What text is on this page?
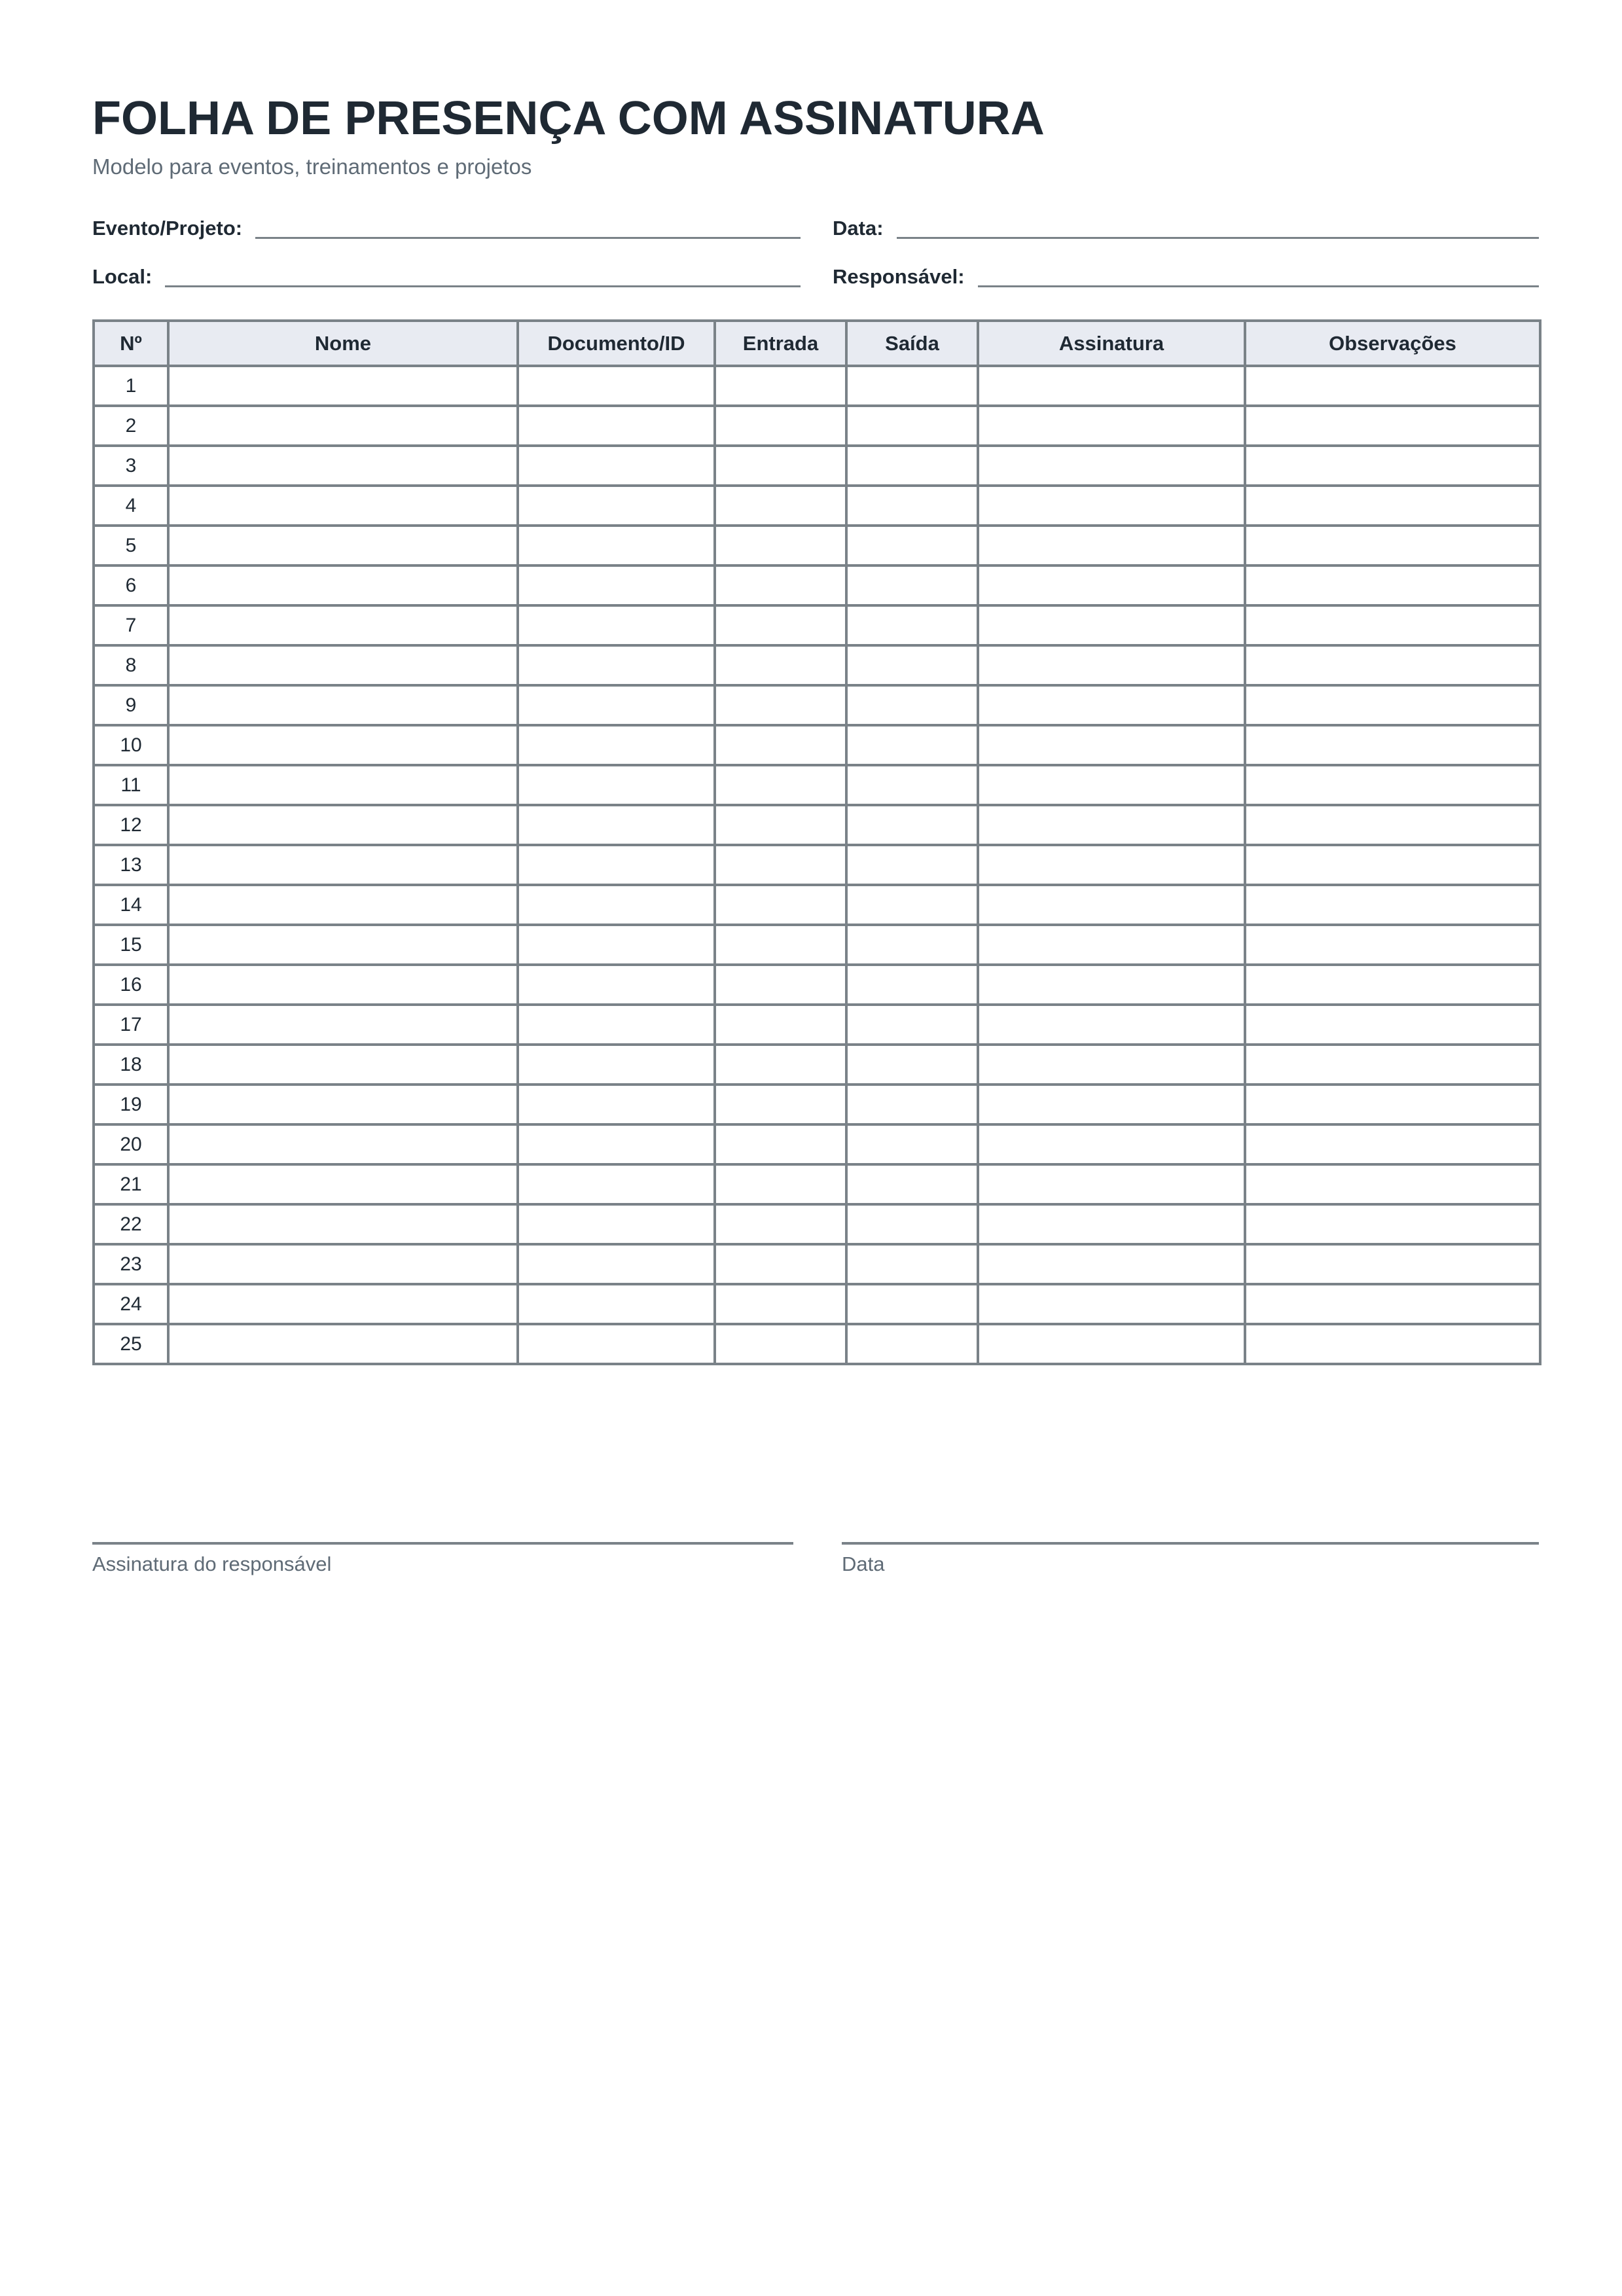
FOLHA DE PRESENÇA COM ASSINATURA

Modelo para eventos, treinamentos e projetos

Evento/Projeto:	Data:
Local:	Responsável:
Nº	Nome	Documento/ID	Entrada	Saída	Assinatura	Observações
1						
2						
3						
4						
5						
6						
7						
8						
9						
10						
11						
12						
13						
14						
15						
16						
17						
18						
19						
20						
21						
22						
23						
24						
25						
Assinatura do responsável	Data
